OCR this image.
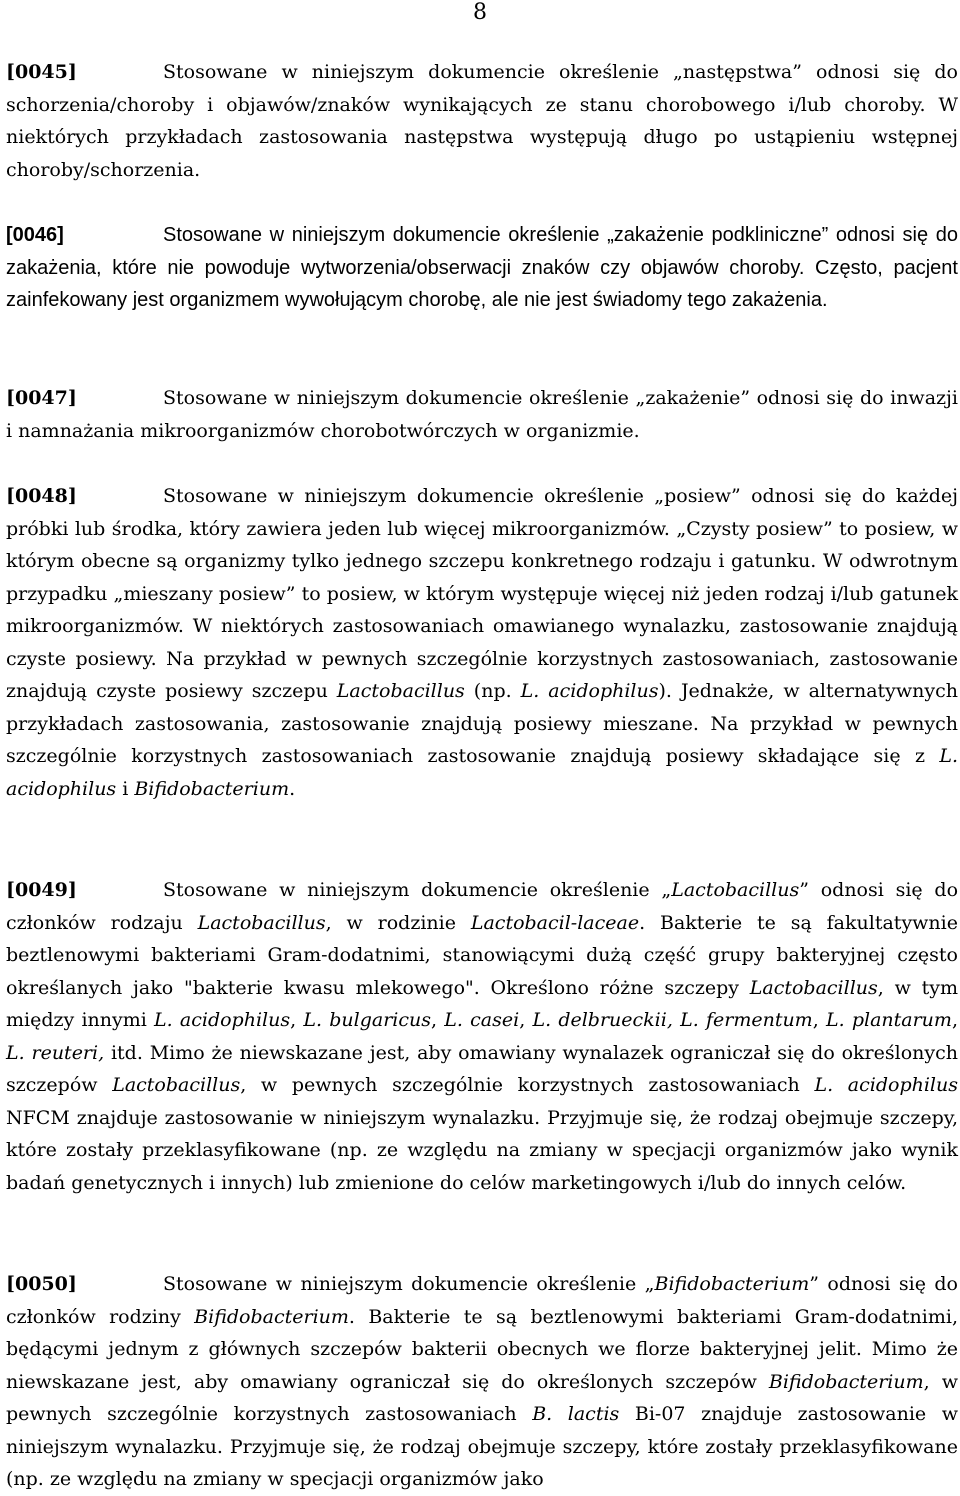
8

[0045]	Stosowane w niniejszym dokumencie określenie „następstwa” odnosi się do schorzenia/choroby i objawów/znaków wynikających ze stanu chorobowego i/lub choroby. W niektórych przykładach zastosowania następstwa występują długo po ustąpieniu wstępnej choroby/schorzenia.

[0046]	Stosowane w niniejszym dokumencie określenie „zakażenie podkliniczne” odnosi się do zakażenia, które nie powoduje wytworzenia/obserwacji znaków czy objawów choroby. Często, pacjent zainfekowany jest organizmem wywołującym chorobę, ale nie jest świadomy tego zakażenia.

[0047]	Stosowane w niniejszym dokumencie określenie „zakażenie” odnosi się do inwazji i namnażania mikroorganizmów chorobotwórczych w organizmie.

[0048]	Stosowane w niniejszym dokumencie określenie „posiew” odnosi się do każdej próbki lub środka, który zawiera jeden lub więcej mikroorganizmów. „Czysty posiew” to posiew, w którym obecne są organizmy tylko jednego szczepu konkretnego rodzaju i gatunku. W odwrotnym przypadku „mieszany posiew” to posiew, w którym występuje więcej niż jeden rodzaj i/lub gatunek mikroorganizmów. W niektórych zastosowaniach omawianego wynalazku, zastosowanie znajdują czyste posiewy. Na przykład w pewnych szczególnie korzystnych zastosowaniach, zastosowanie znajdują czyste posiewy szczepu Lactobacillus (np. L. acidophilus). Jednakże, w alternatywnych przykładach zastosowania, zastosowanie znajdują posiewy mieszane. Na przykład w pewnych szczególnie korzystnych zastosowaniach zastosowanie znajdują posiewy składające się z L. acidophilus i Bifidobacterium.

[0049]	Stosowane w niniejszym dokumencie określenie „Lactobacillus” odnosi się do członków rodzaju Lactobacillus, w rodzinie Lactobacil-laceae. Bakterie te są fakultatywnie beztlenowymi bakteriami Gram-dodatnimi, stanowiącymi dużą część grupy bakteryjnej często określanych jako "bakterie kwasu mlekowego". Określono różne szczepy Lactobacillus, w tym między innymi L. acidophilus, L. bulgaricus, L. casei, L. delbrueckii, L. fermentum, L. plantarum, L. reuteri, itd. Mimo że niewskazane jest, aby omawiany wynalazek ograniczał się do określonych szczepów Lactobacillus, w pewnych szczególnie korzystnych zastosowaniach L. acidophilus NFCM znajduje zastosowanie w niniejszym wynalazku. Przyjmuje się, że rodzaj obejmuje szczepy, które zostały przeklasyfikowane (np. ze względu na zmiany w specjacji organizmów jako wynik badań genetycznych i innych) lub zmienione do celów marketingowych i/lub do innych celów.

[0050]	Stosowane w niniejszym dokumencie określenie „Bifidobacterium” odnosi się do członków rodziny Bifidobacterium. Bakterie te są beztlenowymi bakteriami Gram-dodatnimi, będącymi jednym z głównych szczepów bakterii obecnych we florze bakteryjnej jelit. Mimo że niewskazane jest, aby omawiany ograniczał się do określonych szczepów Bifidobacterium, w pewnych szczególnie korzystnych zastosowaniach B. lactis Bi-07 znajduje zastosowanie w niniejszym wynalazku. Przyjmuje się, że rodzaj obejmuje szczepy, które zostały przeklasyfikowane (np. ze względu na zmiany w specjacji organizmów jako
